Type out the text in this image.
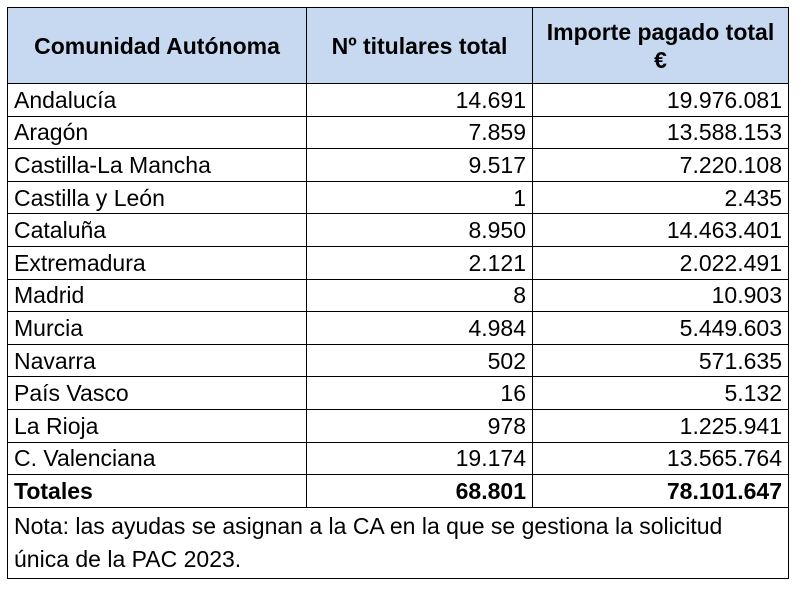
Comunidad Autónoma	Nº titulares total	Importe pagado total €
Andalucía	14.691	19.976.081
Aragón	7.859	13.588.153
Castilla-La Mancha	9.517	7.220.108
Castilla y León	1	2.435
Cataluña	8.950	14.463.401
Extremadura	2.121	2.022.491
Madrid	8	10.903
Murcia	4.984	5.449.603
Navarra	502	571.635
País Vasco	16	5.132
La Rioja	978	1.225.941
C. Valenciana	19.174	13.565.764
Totales	68.801	78.101.647
Nota: las ayudas se asignan a la CA en la que se gestiona la solicitud única de la PAC 2023.		
